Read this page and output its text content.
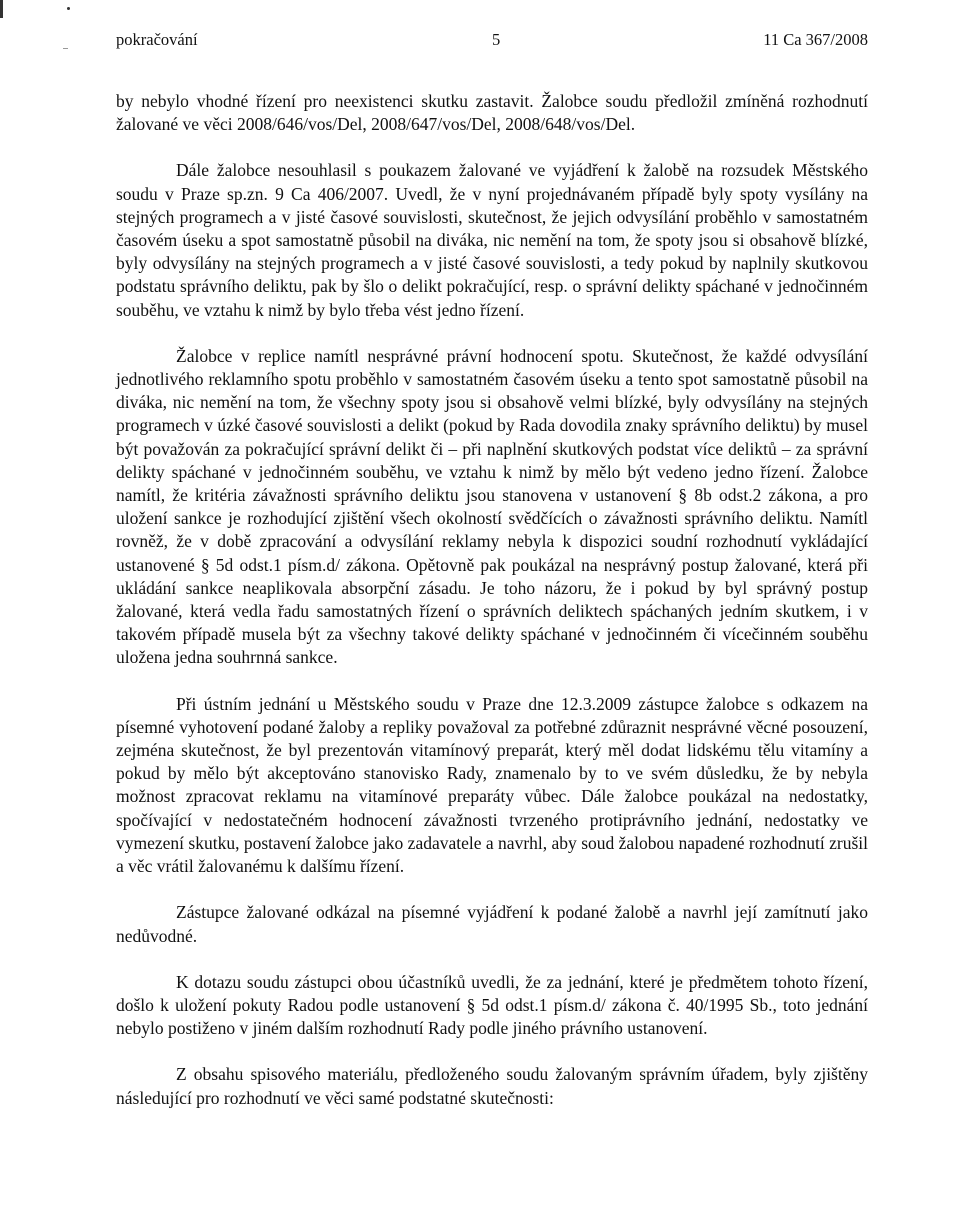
pokračování	5	11 Ca 367/2008

by nebylo vhodné řízení pro neexistenci skutku zastavit. Žalobce soudu předložil zmíněná rozhodnutí žalované ve věci 2008/646/vos/Del, 2008/647/vos/Del, 2008/648/vos/Del.

Dále žalobce nesouhlasil s poukazem žalované ve vyjádření k žalobě na rozsudek Městského soudu v Praze sp.zn. 9 Ca 406/2007. Uvedl, že v nyní projednávaném případě byly spoty vysílány na stejných programech a v jisté časové souvislosti, skutečnost, že jejich odvysílání proběhlo v samostatném časovém úseku a spot samostatně působil na diváka, nic nemění na tom, že spoty jsou si obsahově blízké, byly odvysílány na stejných programech a v jisté časové souvislosti, a tedy pokud by naplnily skutkovou podstatu správního deliktu, pak by šlo o delikt pokračující, resp. o správní delikty spáchané v jednočinném souběhu, ve vztahu k nimž by bylo třeba vést jedno řízení.

Žalobce v replice namítl nesprávné právní hodnocení spotu. Skutečnost, že každé odvysílání jednotlivého reklamního spotu proběhlo v samostatném časovém úseku a tento spot samostatně působil na diváka, nic nemění na tom, že všechny spoty jsou si obsahově velmi blízké, byly odvysílány na stejných programech v úzké časové souvislosti a delikt (pokud by Rada dovodila znaky správního deliktu) by musel být považován za pokračující správní delikt či – při naplnění skutkových podstat více deliktů – za správní delikty spáchané v jednočinném souběhu, ve vztahu k nimž by mělo být vedeno jedno řízení. Žalobce namítl, že kritéria závažnosti správního deliktu jsou stanovena v ustanovení § 8b odst.2 zákona, a pro uložení sankce je rozhodující zjištění všech okolností svědčících o závažnosti správního deliktu. Namítl rovněž, že v době zpracování a odvysílání reklamy nebyla k dispozici soudní rozhodnutí vykládající ustanovené § 5d odst.1 písm.d/ zákona. Opětovně pak poukázal na nesprávný postup žalované, která při ukládání sankce neaplikovala absorpční zásadu. Je toho názoru, že i pokud by byl správný postup žalované, která vedla řadu samostatných řízení o správních deliktech spáchaných jedním skutkem, i v takovém případě musela být za všechny takové delikty spáchané v jednočinném či vícečinném souběhu uložena jedna souhrnná sankce.

Při ústním jednání u Městského soudu v Praze dne 12.3.2009 zástupce žalobce s odkazem na písemné vyhotovení podané žaloby a repliky považoval za potřebné zdůraznit nesprávné věcné posouzení, zejména skutečnost, že byl prezentován vitamínový preparát, který měl dodat lidskému tělu vitamíny a pokud by mělo být akceptováno stanovisko Rady, znamenalo by to ve svém důsledku, že by nebyla možnost zpracovat reklamu na vitamínové preparáty vůbec. Dále žalobce poukázal na nedostatky, spočívající v nedostatečném hodnocení závažnosti tvrzeného protiprávního jednání, nedostatky ve vymezení skutku, postavení žalobce jako zadavatele a navrhl, aby soud žalobou napadené rozhodnutí zrušil a věc vrátil žalovanému k dalšímu řízení.

Zástupce žalované odkázal na písemné vyjádření k podané žalobě a navrhl její zamítnutí jako nedůvodné.

K dotazu soudu zástupci obou účastníků uvedli, že za jednání, které je předmětem tohoto řízení, došlo k uložení pokuty Radou podle ustanovení § 5d odst.1 písm.d/ zákona č. 40/1995 Sb., toto jednání nebylo postiženo v jiném dalším rozhodnutí Rady podle jiného právního ustanovení.

Z obsahu spisového materiálu, předloženého soudu žalovaným správním úřadem, byly zjištěny následující pro rozhodnutí ve věci samé podstatné skutečnosti:
